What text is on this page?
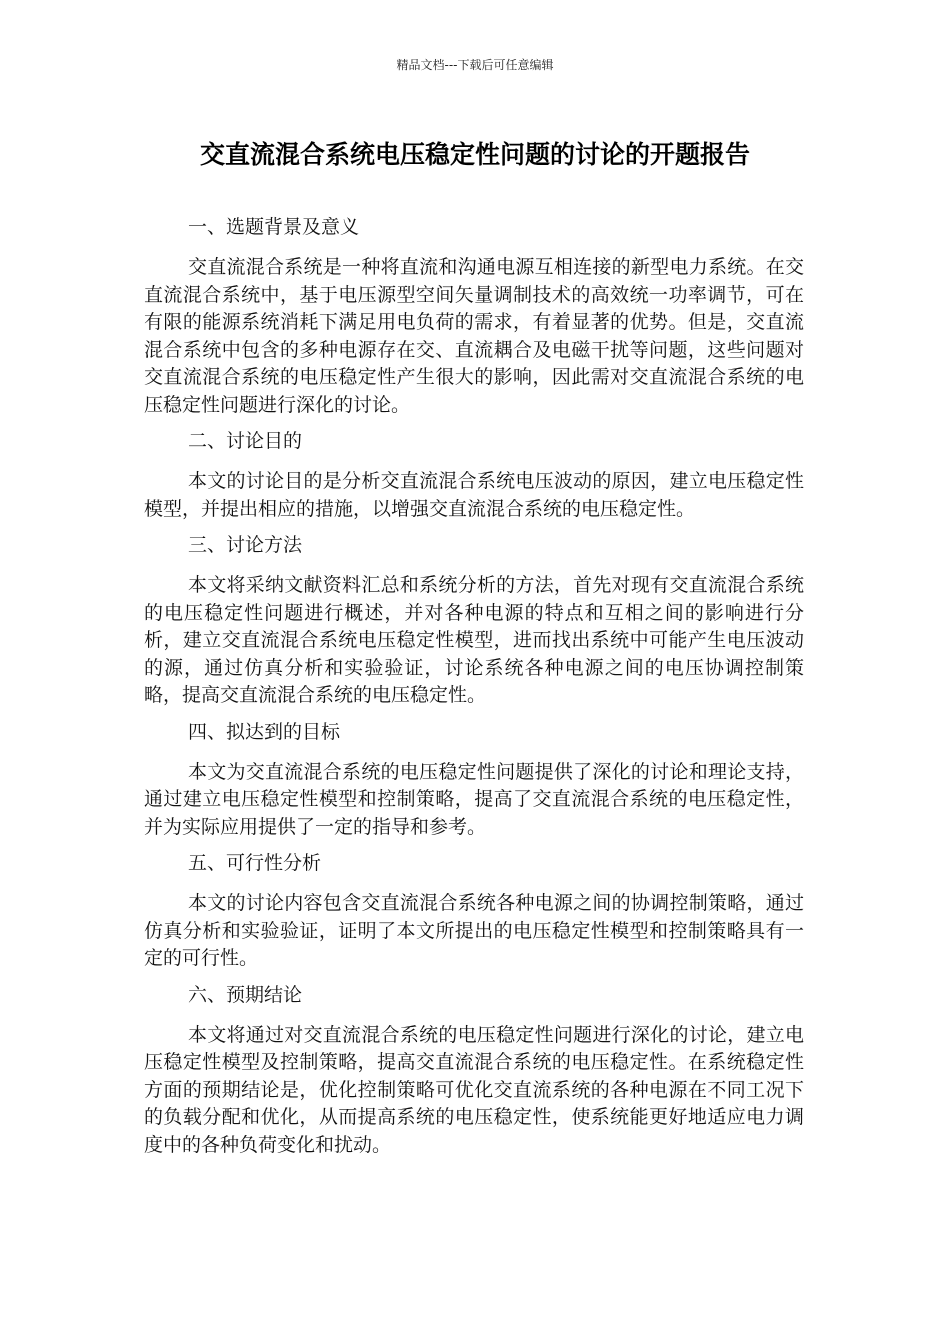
精品文档---下载后可任意编辑
交直流混合系统电压稳定性问题的讨论的开题报告

一、选题背景及意义

交直流混合系统是一种将直流和沟通电源互相连接的新型电力系统。在交直流混合系统中，基于电压源型空间矢量调制技术的高效统一功率调节，可在有限的能源系统消耗下满足用电负荷的需求，有着显著的优势。但是，交直流混合系统中包含的多种电源存在交、直流耦合及电磁干扰等问题，这些问题对交直流混合系统的电压稳定性产生很大的影响，因此需对交直流混合系统的电压稳定性问题进行深化的讨论。

二、讨论目的

本文的讨论目的是分析交直流混合系统电压波动的原因，建立电压稳定性模型，并提出相应的措施，以增强交直流混合系统的电压稳定性。

三、讨论方法

本文将采纳文献资料汇总和系统分析的方法，首先对现有交直流混合系统的电压稳定性问题进行概述，并对各种电源的特点和互相之间的影响进行分析，建立交直流混合系统电压稳定性模型，进而找出系统中可能产生电压波动的源，通过仿真分析和实验验证，讨论系统各种电源之间的电压协调控制策略，提高交直流混合系统的电压稳定性。

四、拟达到的目标

本文为交直流混合系统的电压稳定性问题提供了深化的讨论和理论支持，通过建立电压稳定性模型和控制策略，提高了交直流混合系统的电压稳定性，并为实际应用提供了一定的指导和参考。

五、可行性分析

本文的讨论内容包含交直流混合系统各种电源之间的协调控制策略，通过仿真分析和实验验证，证明了本文所提出的电压稳定性模型和控制策略具有一定的可行性。

六、预期结论

本文将通过对交直流混合系统的电压稳定性问题进行深化的讨论，建立电压稳定性模型及控制策略，提高交直流混合系统的电压稳定性。在系统稳定性方面的预期结论是，优化控制策略可优化交直流系统的各种电源在不同工况下的负载分配和优化，从而提高系统的电压稳定性，使系统能更好地适应电力调度中的各种负荷变化和扰动。
